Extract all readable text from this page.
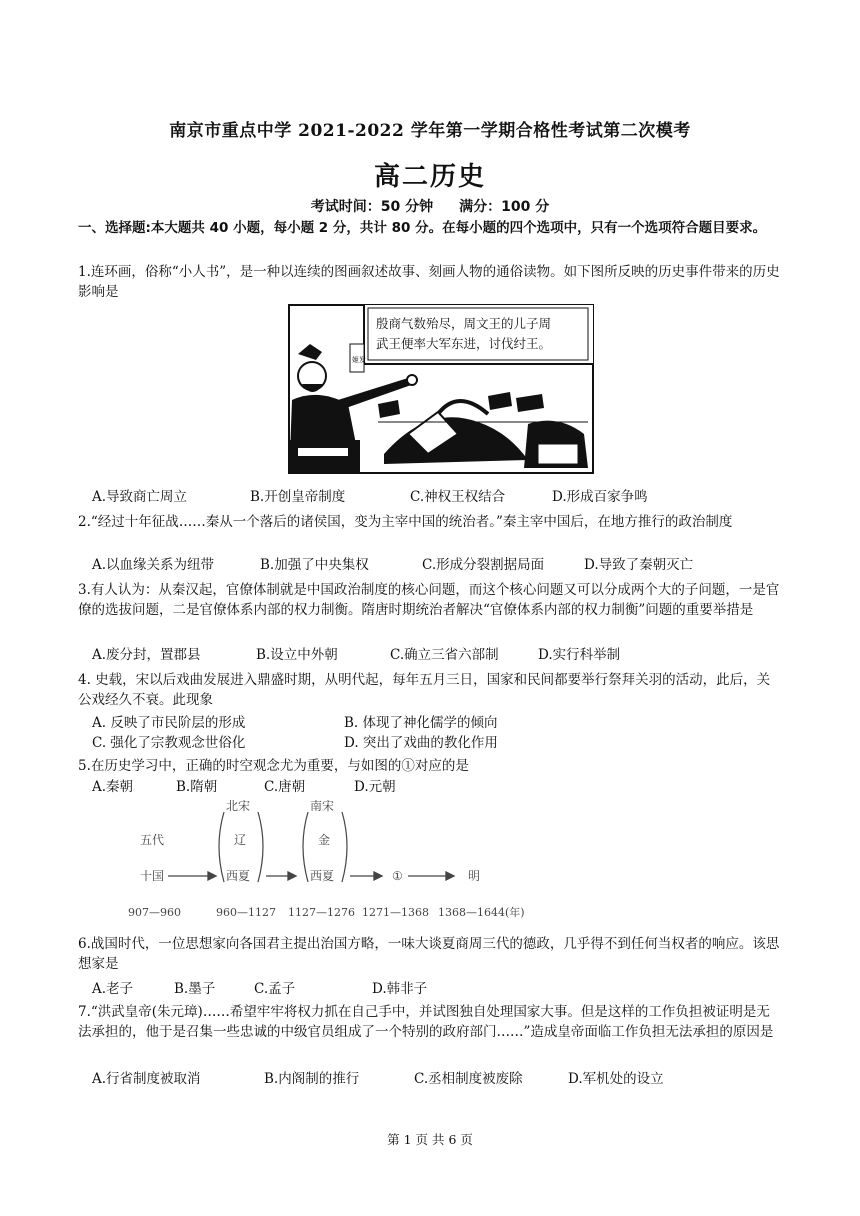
南京市重点中学 2021-2022 学年第一学期合格性考试第二次模考
高二历史
考试时间：50 分钟 满分：100 分
一、选择题:本大题共 40 小题，每小题 2 分，共计 80 分。在每小题的四个选项中，只有一个选项符合题目要求。
1.连环画，俗称“小人书”，是一种以连续的图画叙述故事、刻画人物的通俗读物。如下图所反映的历史事件带来的历史影响是
殷商气数殆尽，周文王的儿子周
武王便率大军东进，讨伐纣王。
姬发
A.导致商亡周立	B.开创皇帝制度	C.神权王权结合	D.形成百家争鸣
2.“经过十年征战……秦从一个落后的诸侯国，变为主宰中国的统治者。”秦主宰中国后，在地方推行的政治制度
A.以血缘关系为纽带	B.加强了中央集权	C.形成分裂割据局面	D.导致了秦朝灭亡
3.有人认为：从秦汉起，官僚体制就是中国政治制度的核心问题，而这个核心问题又可以分成两个大的子问题，一是官僚的选拔问题，二是官僚体系内部的权力制衡。隋唐时期统治者解决“官僚体系内部的权力制衡”问题的重要举措是
A.废分封，置郡县	B.设立中外朝	C.确立三省六部制	D.实行科举制
4. 史载，宋以后戏曲发展进入鼎盛时期，从明代起，每年五月三日，国家和民间都要举行祭拜关羽的活动，此后，关公戏经久不衰。此现象
A. 反映了市民阶层的形成	B. 体现了神化儒学的倾向
C. 强化了宗教观念世俗化	D. 突出了戏曲的教化作用
5.在历史学习中，正确的时空观念尤为重要，与如图的①对应的是
A.秦朝	B.隋朝	C.唐朝	D.元朝
五代
十国
北宋
辽
西夏
南宋
金
西夏	①	明
907—960	960—1127 1127—1276 1271—1368 1368—1644(年)
6.战国时代，一位思想家向各国君主提出治国方略，一味大谈夏商周三代的德政，几乎得不到任何当权者的响应。该思想家是
A.老子	B.墨子	C.孟子	D.韩非子
7.“洪武皇帝(朱元璋)……希望牢牢将权力抓在自己手中，并试图独自处理国家大事。但是这样的工作负担被证明是无法承担的，他于是召集一些忠诚的中级官员组成了一个特别的政府部门……”造成皇帝面临工作负担无法承担的原因是
A.行省制度被取消	B.内阁制的推行	C.丞相制度被废除	D.军机处的设立
第 1 页 共 6 页
